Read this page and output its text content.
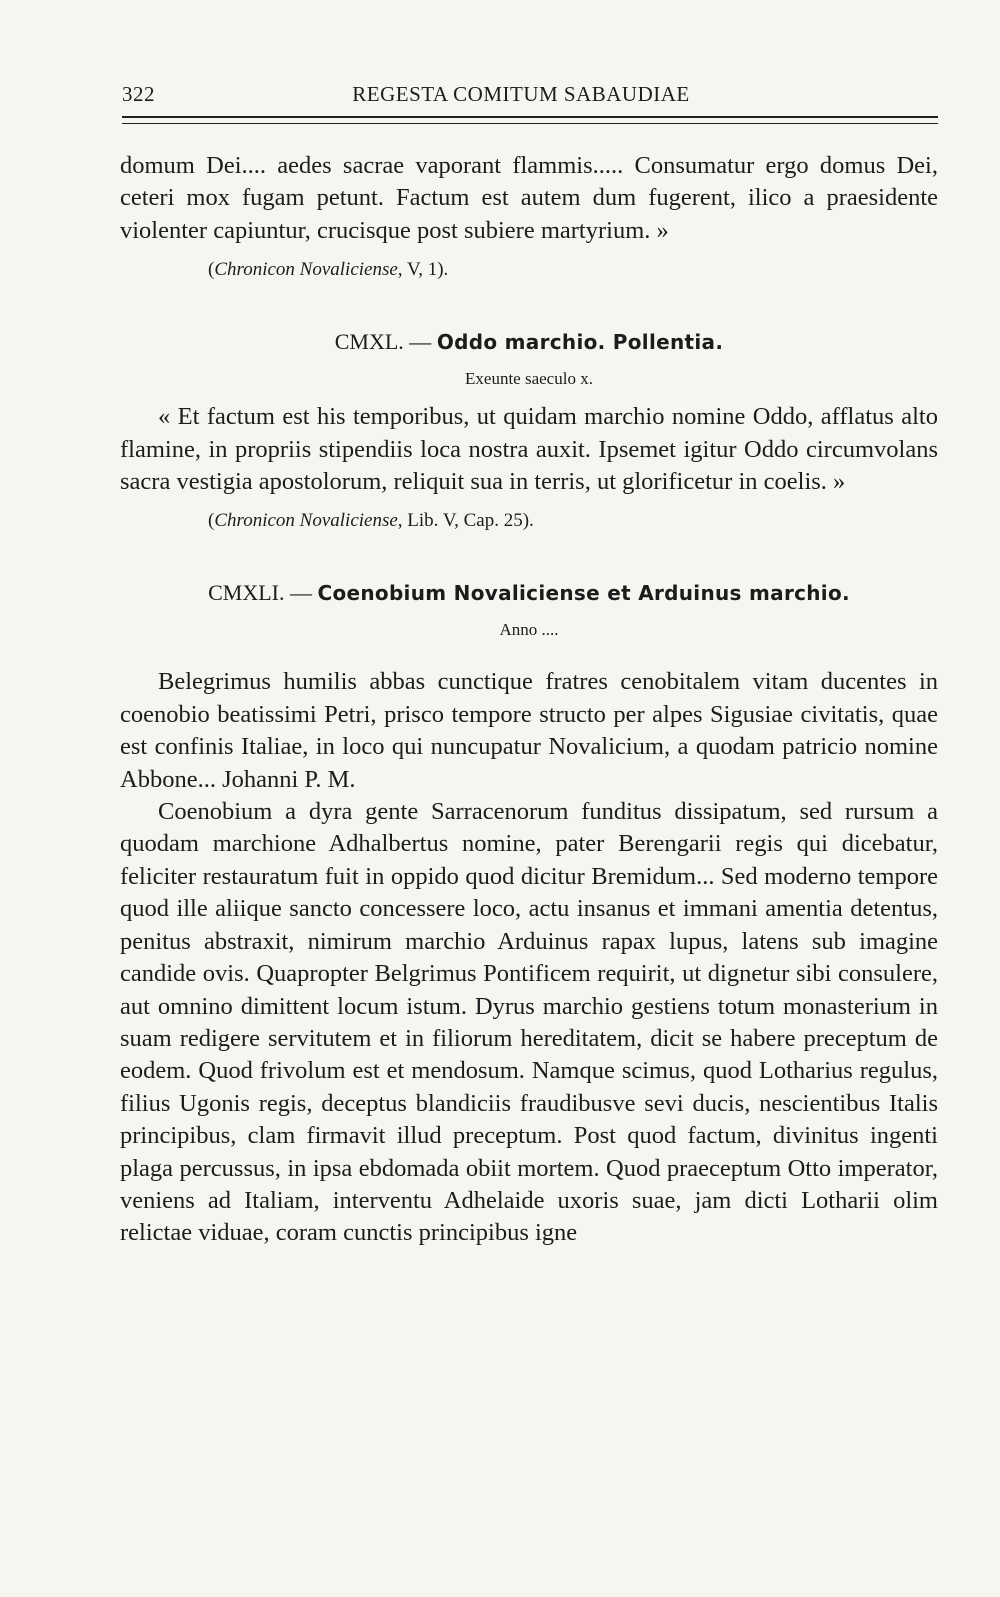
322	REGESTA COMITUM SABAUDIAE

domum Dei.... aedes sacrae vaporant flammis..... Consumatur ergo domus Dei, ceteri mox fugam petunt. Factum est autem dum fugerent, ilico a praesidente violenter capiuntur, crucisque post subiere martyrium. »

(Chronicon Novaliciense, V, 1).
CMXL. — Oddo marchio. Pollentia.
Exeunte saeculo x.

« Et factum est his temporibus, ut quidam marchio nomine Oddo, afflatus alto flamine, in propriis stipendiis loca nostra auxit. Ipsemet igitur Oddo circumvolans sacra vestigia apostolorum, reliquit sua in terris, ut glorificetur in coelis. »

(Chronicon Novaliciense, Lib. V, Cap. 25).
CMXLI. — Coenobium Novaliciense et Arduinus marchio.
Anno ....

Belegrimus humilis abbas cunctique fratres cenobitalem vitam ducentes in coenobio beatissimi Petri, prisco tempore structo per alpes Sigusiae civitatis, quae est confinis Italiae, in loco qui nuncupatur Novalicium, a quodam patricio nomine Abbone... Johanni P. M.

Coenobium a dyra gente Sarracenorum funditus dissipatum, sed rursum a quodam marchione Adhalbertus nomine, pater Berengarii regis qui dicebatur, feliciter restauratum fuit in oppido quod dicitur Bremidum... Sed moderno tempore quod ille aliique sancto concessere loco, actu insanus et immani amentia detentus, penitus abstraxit, nimirum marchio Arduinus rapax lupus, latens sub imagine candide ovis. Quapropter Belgrimus Pontificem requirit, ut dignetur sibi consulere, aut omnino dimittent locum istum. Dyrus marchio gestiens totum monasterium in suam redigere servitutem et in filiorum hereditatem, dicit se habere preceptum de eodem. Quod frivolum est et mendosum. Namque scimus, quod Lotharius regulus, filius Ugonis regis, deceptus blandiciis fraudibusve sevi ducis, nescientibus Italis principibus, clam firmavit illud preceptum. Post quod factum, divinitus ingenti plaga percussus, in ipsa ebdomada obiit mortem. Quod praeceptum Otto imperator, veniens ad Italiam, interventu Adhelaide uxoris suae, jam dicti Lotharii olim relictae viduae, coram cunctis principibus igne
